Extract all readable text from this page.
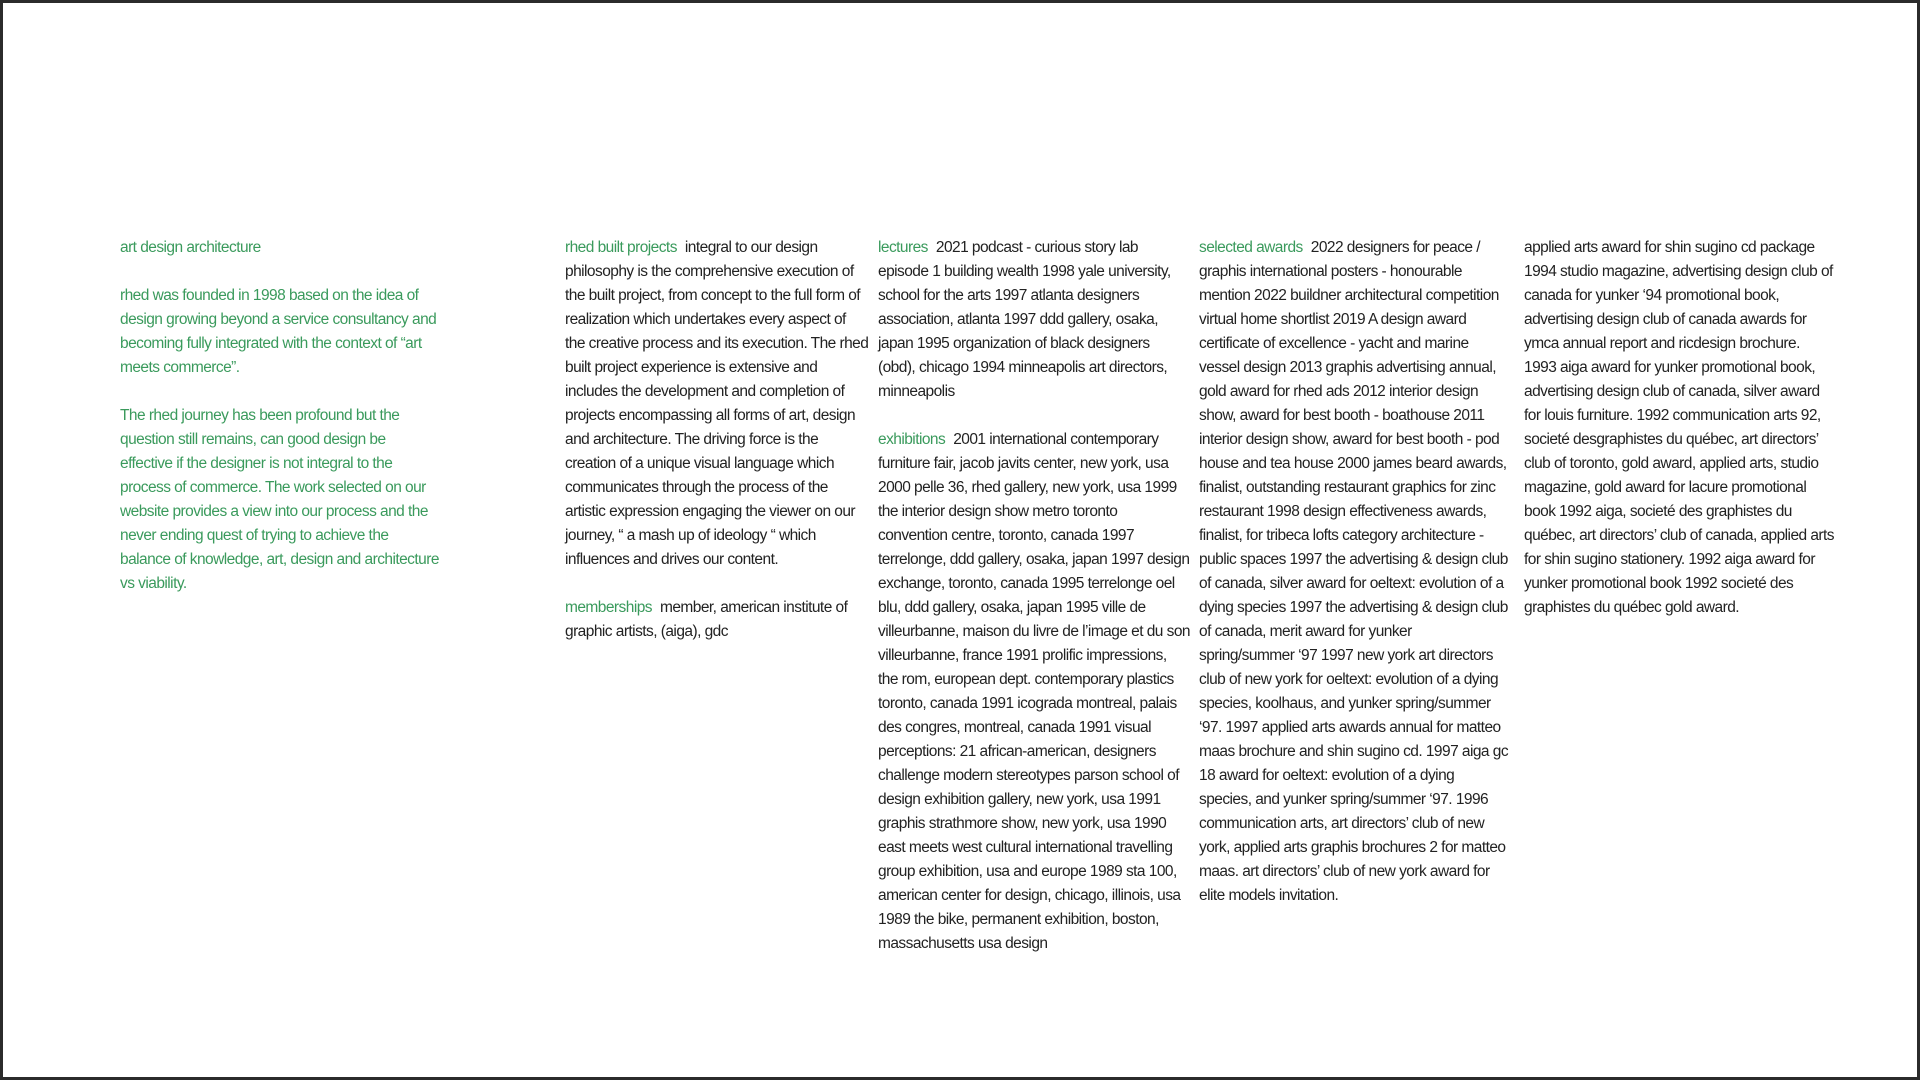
art design architecture

rhed was founded in 1998 based on the idea of design growing beyond a service consultancy and becoming fully integrated with the context of “art meets commerce”.

The rhed journey has been profound but the question still remains, can good design be effective if the designer is not integral to the process of commerce. The work selected on our website provides a view into our process and the never ending quest of trying to achieve the balance of knowledge, art, design and architecture vs viability.

rhed built projects integral to our design philosophy is the comprehensive execution of the built project, from concept to the full form of realization which undertakes every aspect of the creative process and its execution. The rhed built project experience is extensive and includes the development and completion of projects encompassing all forms of art, design and architecture. The driving force is the creation of a unique visual language which communicates through the process of the artistic expression engaging the viewer on our journey, “ a mash up of ideology “ which influences and drives our content.

memberships member, american institute of graphic artists, (aiga), gdc

lectures 2021 podcast - curious story lab episode 1 building wealth 1998 yale university, school for the arts 1997 atlanta designers association, atlanta 1997 ddd gallery, osaka, japan 1995 organization of black designers (obd), chicago 1994 minneapolis art directors, minneapolis

exhibitions 2001 international contemporary furniture fair, jacob javits center, new york, usa 2000 pelle 36, rhed gallery, new york, usa 1999 the interior design show metro toronto convention centre, toronto, canada 1997 terrelonge, ddd gallery, osaka, japan 1997 design exchange, toronto, canada 1995 terrelonge oel blu, ddd gallery, osaka, japan 1995 ville de villeurbanne, maison du livre de l’image et du son villeurbanne, france 1991 prolific impressions, the rom, european dept. contemporary plastics toronto, canada 1991 icograda montreal, palais des congres, montreal, canada 1991 visual perceptions: 21 african-american, designers challenge modern stereotypes parson school of design exhibition gallery, new york, usa 1991 graphis strathmore show, new york, usa 1990 east meets west cultural international travelling group exhibition, usa and europe 1989 sta 100, american center for design, chicago, illinois, usa 1989 the bike, permanent exhibition, boston, massachusetts usa design

selected awards 2022 designers for peace / graphis international posters - honourable mention 2022 buildner architectural competition virtual home shortlist 2019 A design award certificate of excellence - yacht and marine vessel design 2013 graphis advertising annual, gold award for rhed ads 2012 interior design show, award for best booth - boathouse 2011 interior design show, award for best booth - pod house and tea house 2000 james beard awards, finalist, outstanding restaurant graphics for zinc restaurant 1998 design effectiveness awards, finalist, for tribeca lofts category architecture -public spaces 1997 the advertising & design club of canada, silver award for oeltext: evolution of a dying species 1997 the advertising & design club of canada, merit award for yunker spring/summer ‘97 1997 new york art directors club of new york for oeltext: evolution of a dying species, koolhaus, and yunker spring/summer ‘97. 1997 applied arts awards annual for matteo maas brochure and shin sugino cd. 1997 aiga gc 18 award for oeltext: evolution of a dying species, and yunker spring/summer ‘97. 1996 communication arts, art directors’ club of new york, applied arts graphis brochures 2 for matteo maas. art directors’ club of new york award for elite models invitation.

applied arts award for shin sugino cd package 1994 studio magazine, advertising design club of canada for yunker ‘94 promotional book, advertising design club of canada awards for ymca annual report and ricdesign brochure. 1993 aiga award for yunker promotional book, advertising design club of canada, silver award for louis furniture. 1992 communication arts 92, societé desgraphistes du québec, art directors’ club of toronto, gold award, applied arts, studio magazine, gold award for lacure promotional book 1992 aiga, societé des graphistes du québec, art directors’ club of canada, applied arts for shin sugino stationery. 1992 aiga award for yunker promotional book 1992 societé des graphistes du québec gold award.
